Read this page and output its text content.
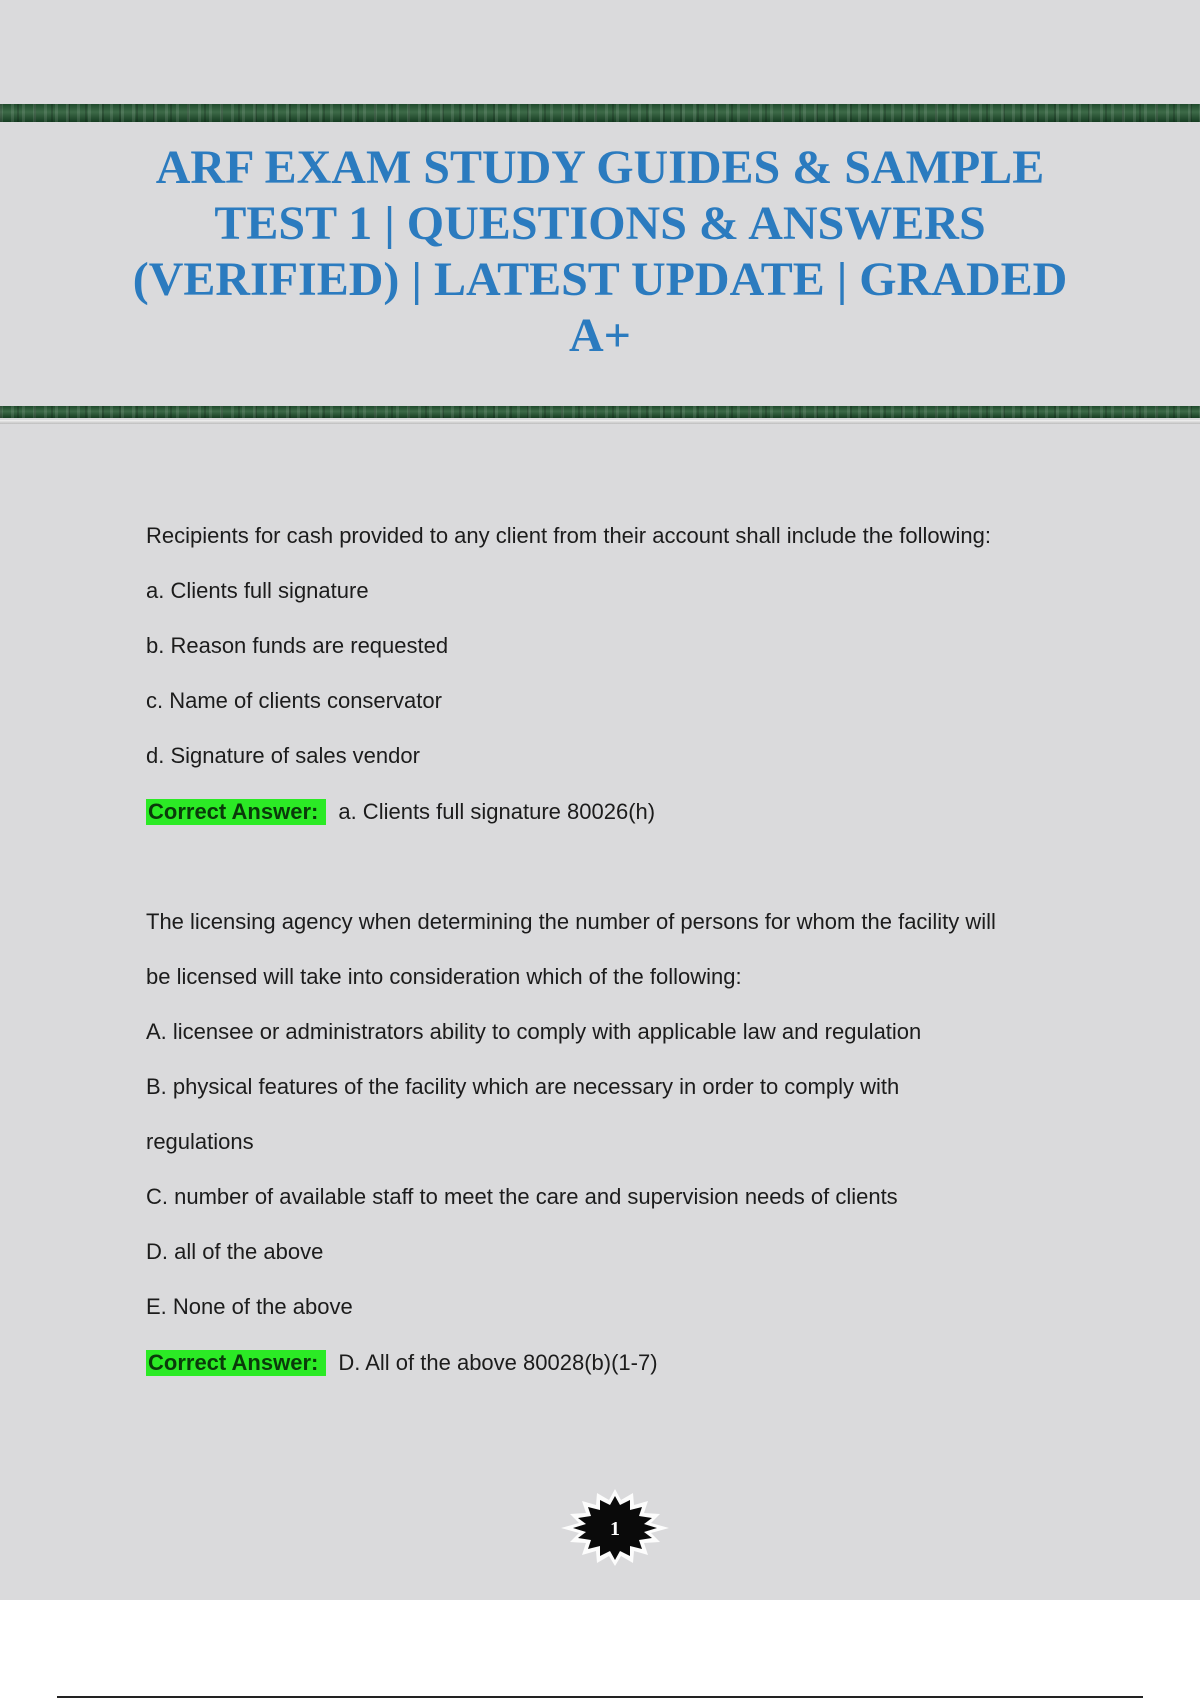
ARF EXAM STUDY GUIDES & SAMPLE TEST 1 | QUESTIONS & ANSWERS (VERIFIED) | LATEST UPDATE | GRADED A+
Recipients for cash provided to any client from their account shall include the following:
a. Clients full signature
b. Reason funds are requested
c. Name of clients conservator
d. Signature of sales vendor
Correct Answer: a. Clients full signature 80026(h)
The licensing agency when determining the number of persons for whom the facility will
be licensed will take into consideration which of the following:
A. licensee or administrators ability to comply with applicable law and regulation
B. physical features of the facility which are necessary in order to comply with
regulations
C. number of available staff to meet the care and supervision needs of clients
D. all of the above
E. None of the above
Correct Answer: D. All of the above 80028(b)(1-7)
1
